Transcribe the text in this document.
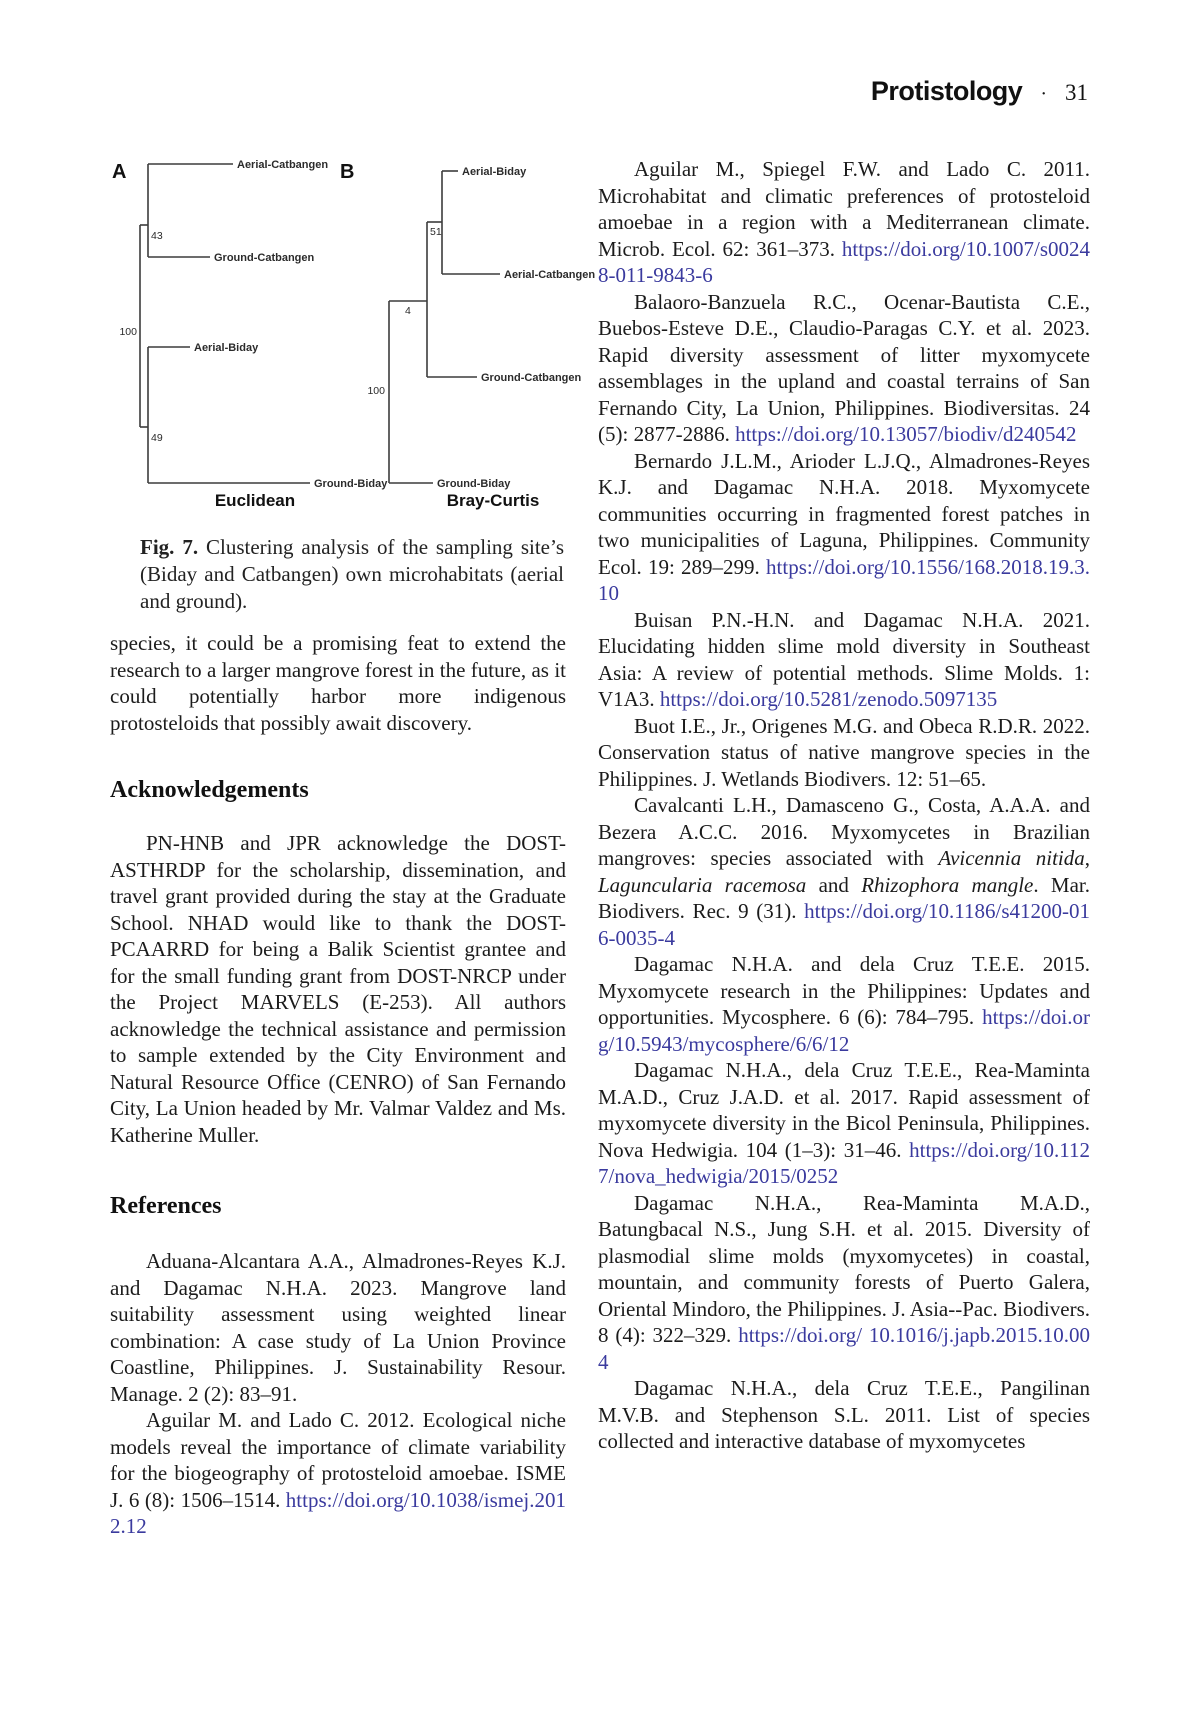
Protistology · 31
A	Aerial-Catbangen
Ground-Catbangen
Aerial-Biday
Ground-Biday
43
100
49
Euclidean
B	Aerial-Biday
Aerial-Catbangen
Ground-Catbangen
Ground-Biday
51
4
100
Bray-Curtis
Fig. 7. Clustering analysis of the sampling site’s (Biday and Catbangen) own microhabitats (aerial and ground).

species, it could be a promising feat to extend the research to a larger mangrove forest in the future, as it could potentially harbor more indigenous protosteloids that possibly await discovery.

Acknowledgements

PN-HNB and JPR acknowledge the DOST-ASTHRDP for the scholarship, dissemination, and travel grant provided during the stay at the Graduate School. NHAD would like to thank the DOST-PCAARRD for being a Balik Scientist grantee and for the small funding grant from DOST-NRCP under the Project MARVELS (E-253). All authors acknowledge the technical assistance and permission to sample extended by the City Environment and Natural Resource Office (CENRO) of San Fernando City, La Union headed by Mr. Valmar Valdez and Ms. Katherine Muller.

References

Aduana-Alcantara A.A., Almadrones-Reyes K.J. and Dagamac N.H.A. 2023. Mangrove land suitability assessment using weighted linear combination: A case study of La Union Province Coastline, Philippines. J. Sustainability Resour. Manage. 2 (2): 83–91.

Aguilar M. and Lado C. 2012. Ecological niche models reveal the importance of climate variability for the biogeography of protosteloid amoebae. ISME J. 6 (8): 1506–1514. https://doi.org/10.1038/ismej.2012.12

Aguilar M., Spiegel F.W. and Lado C. 2011. Microhabitat and climatic preferences of protosteloid amoebae in a region with a Mediterranean climate. Microb. Ecol. 62: 361–373. https://doi.org/10.1007/s00248-011-9843-6

Balaoro-Banzuela R.C., Ocenar-Bautista C.E., Buebos-Esteve D.E., Claudio-Paragas C.Y. et al. 2023. Rapid diversity assessment of litter myxomycete assemblages in the upland and coastal terrains of San Fernando City, La Union, Philippines. Biodiversitas. 24 (5): 2877-2886. https://doi.org/10.13057/biodiv/d240542

Bernardo J.L.M., Arioder L.J.Q., Almadrones-Reyes K.J. and Dagamac N.H.A. 2018. Myxomycete communities occurring in fragmented forest patches in two municipalities of Laguna, Philippines. Community Ecol. 19: 289–299. https://doi.org/10.1556/168.2018.19.3.10

Buisan P.N.-H.N. and Dagamac N.H.A. 2021. Elucidating hidden slime mold diversity in Southeast Asia: A review of potential methods. Slime Molds. 1: V1A3. https://doi.org/10.5281/zenodo.5097135

Buot I.E., Jr., Origenes M.G. and Obeca R.D.R. 2022. Conservation status of native mangrove species in the Philippines. J. Wetlands Biodivers. 12: 51–65.

Cavalcanti L.H., Damasceno G., Costa, A.A.A. and Bezera A.C.C. 2016. Myxomycetes in Brazilian mangroves: species associated with Avicennia nitida, Laguncularia racemosa and Rhizophora mangle. Mar. Biodivers. Rec. 9 (31). https://doi.org/10.1186/s41200-016-0035-4

Dagamac N.H.A. and dela Cruz T.E.E. 2015. Myxomycete research in the Philippines: Updates and opportunities. Mycosphere. 6 (6): 784–795. https://doi.org/10.5943/mycosphere/6/6/12

Dagamac N.H.A., dela Cruz T.E.E., Rea-Maminta M.A.D., Cruz J.A.D. et al. 2017. Rapid assessment of myxomycete diversity in the Bicol Peninsula, Philippines. Nova Hedwigia. 104 (1–3): 31–46. https://doi.org/10.1127/nova_hedwigia/2015/0252

Dagamac N.H.A., Rea-Maminta M.A.D., Batungbacal N.S., Jung S.H. et al. 2015. Diversity of plasmodial slime molds (myxomycetes) in coastal, mountain, and community forests of Puerto Galera, Oriental Mindoro, the Philippines. J. Asia--Pac. Biodivers. 8 (4): 322–329. https://doi.org/ 10.1016/j.japb.2015.10.004

Dagamac N.H.A., dela Cruz T.E.E., Pangilinan M.V.B. and Stephenson S.L. 2011. List of species collected and interactive database of myxomycetes
